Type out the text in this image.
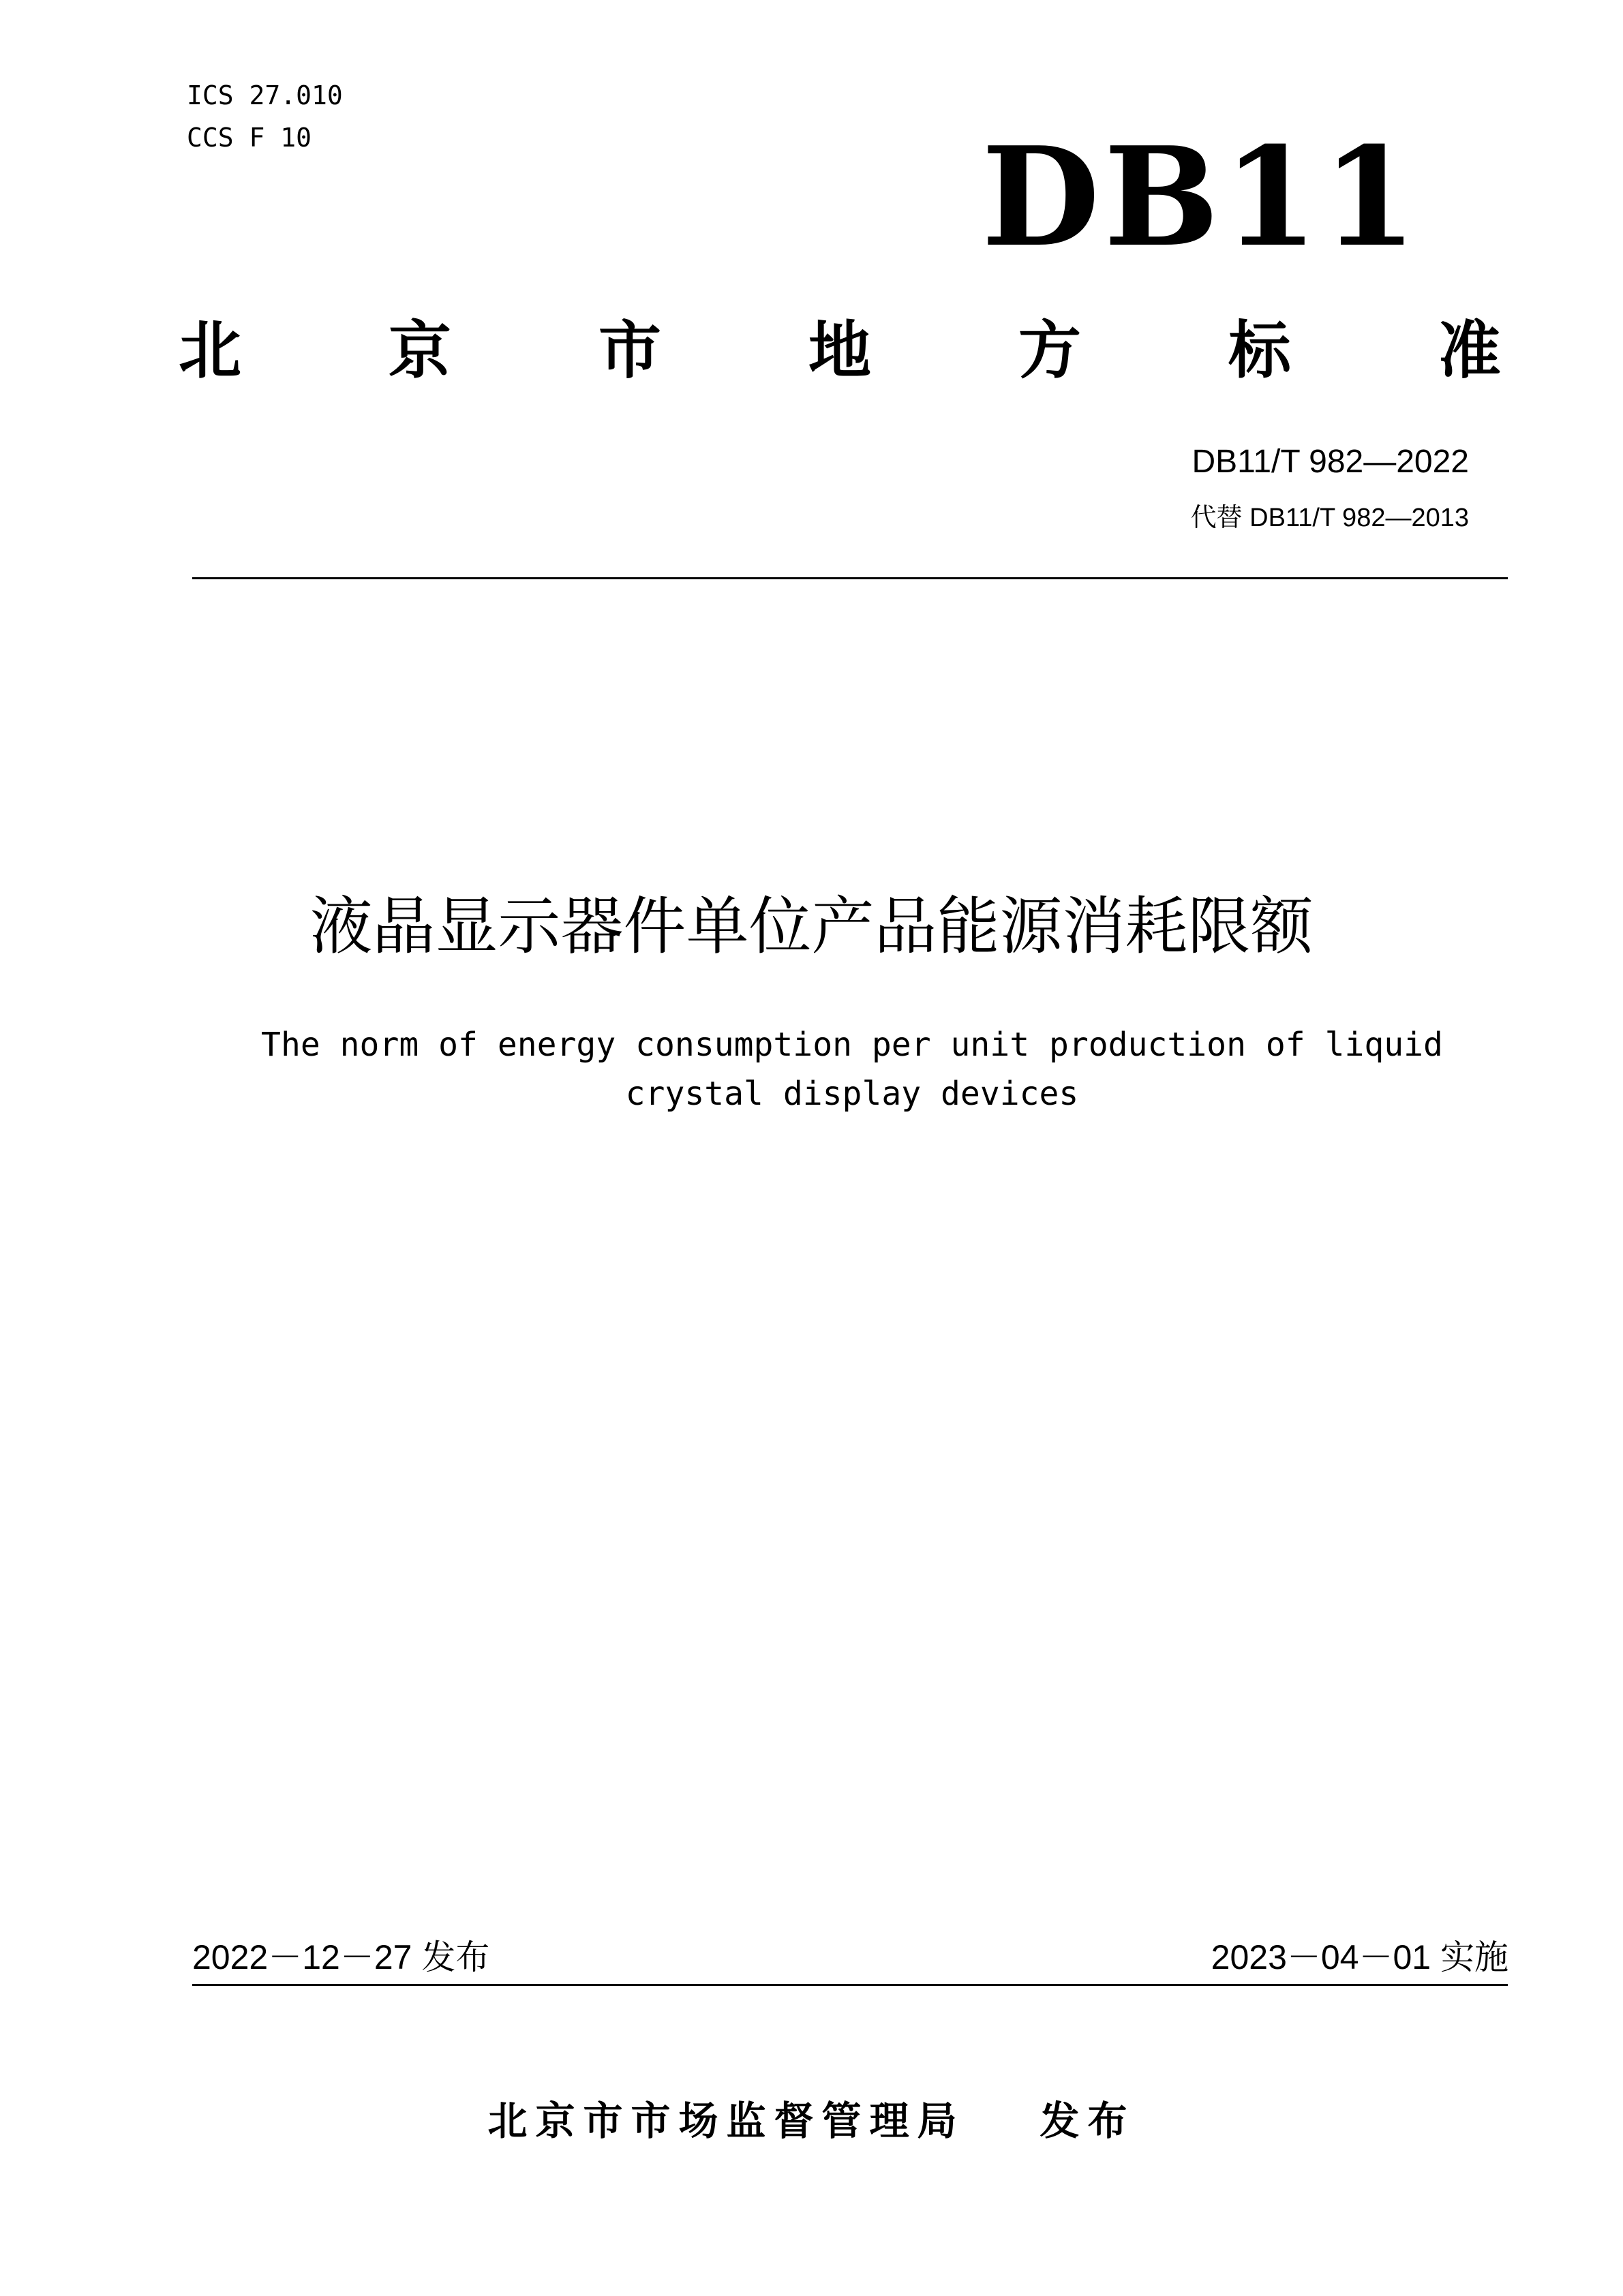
ICS 27.010
CCS F 10	DB11
北 京 市 地 方 标 准
DB11/T 982—2022
代替 DB11/T 982—2013
液晶显示器件单位产品能源消耗限额
The norm of energy consumption per unit production of liquid crystal display devices
2022－12－27 发布	2023－04－01 实施
北京市市场监督管理局 发布
